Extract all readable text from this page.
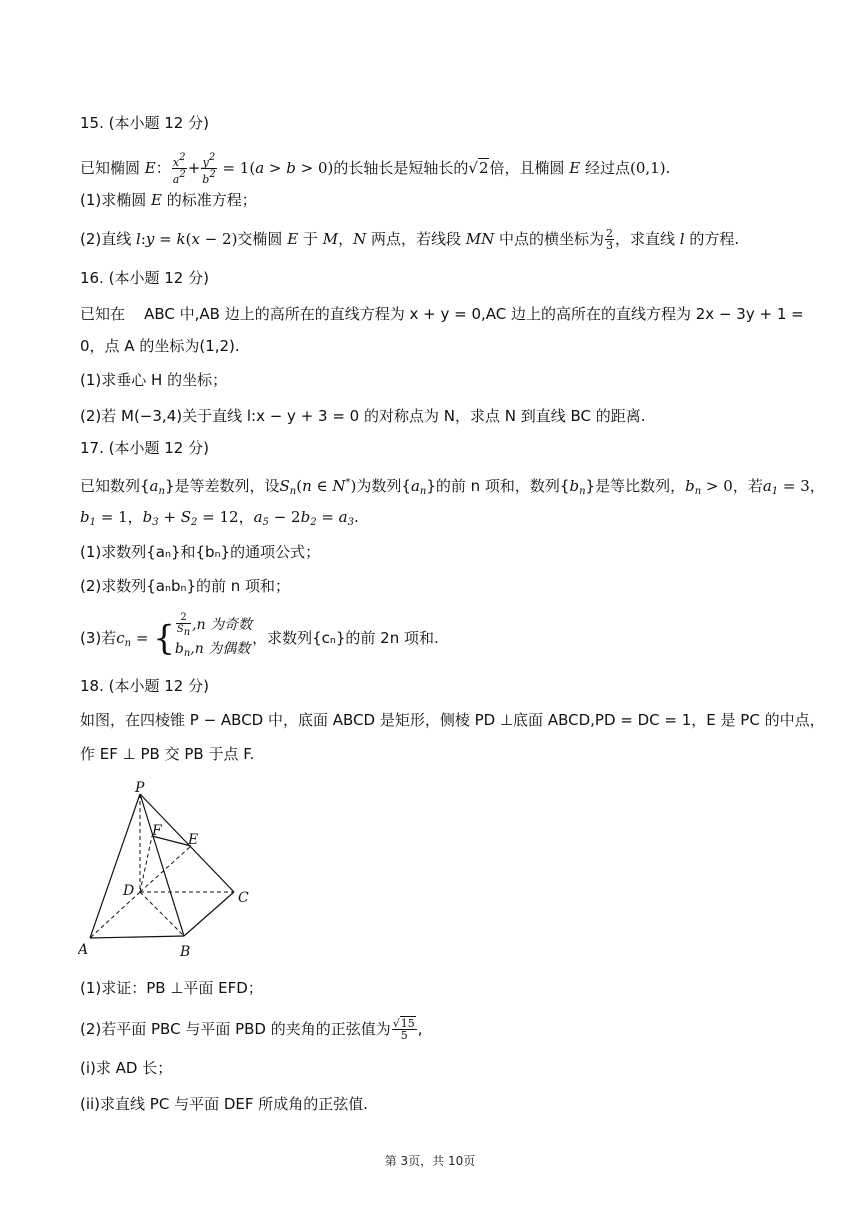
15. (本小题 12 分)
已知椭圆 E： $\frac{x2}{a2} + \frac{y2}{b2} = 1(a > b > 0)$的长轴长是短轴长的√2倍，且椭圆 E 经过点(0,1).
(1)求椭圆 E 的标准方程；
(2)直线 l:y = k(x − 2)交椭圆 E 于 M，N 两点，若线段 MN 中点的横坐标为 $\frac{2}{3}$ ，求直线 l 的方程.
16. (本小题 12 分)
已知在 ABC 中,AB 边上的高所在的直线方程为 x + y = 0,AC 边上的高所在的直线方程为 2x − 3y + 1 =
0，点 A 的坐标为(1,2).
(1)求垂心 H 的坐标；
(2)若 M(−3,4)关于直线 l:x − y + 3 = 0 的对称点为 N，求点 N 到直线 BC 的距离.
17. (本小题 12 分)
已知数列$\{a_n\}$是等差数列，设$S_n(n$ ∈ N*)为数列$\{a_n\}$的前 n 项和，数列$\{b_n\}$是等比数列，$b_n > 0$，若$a_1 = 3$，
$b_1 = 1$，$b_3 + S_2 = 12$，$a_5 - 2b_2 = a_3$.
(1)求数列{aₙ}和{bₙ}的通项公式；
(2)求数列{aₙbₙ}的前 n 项和；
(3)若$c_n$ = { $\frac{2}{Sn} ,n$ 为奇数
$b_n,n$ 为偶数
，求数列{cₙ}的前 2n 项和.
18. (本小题 12 分)
如图，在四棱锥 P − ABCD 中，底面 ABCD 是矩形，侧棱 PD ⊥底面 ABCD,PD = DC = 1，E 是 PC 的中点，
作 EF ⊥ PB 交 PB 于点 F.
P
F
E
D	C
A	B
(1)求证：PB ⊥平面 EFD；
(2)若平面 PBC 与平面 PBD 的夹角的正弦值为 $\frac{√15}{5}$ ,
(i)求 AD 长；
(ii)求直线 PC 与平面 DEF 所成角的正弦值.
第 3页，共 10页
